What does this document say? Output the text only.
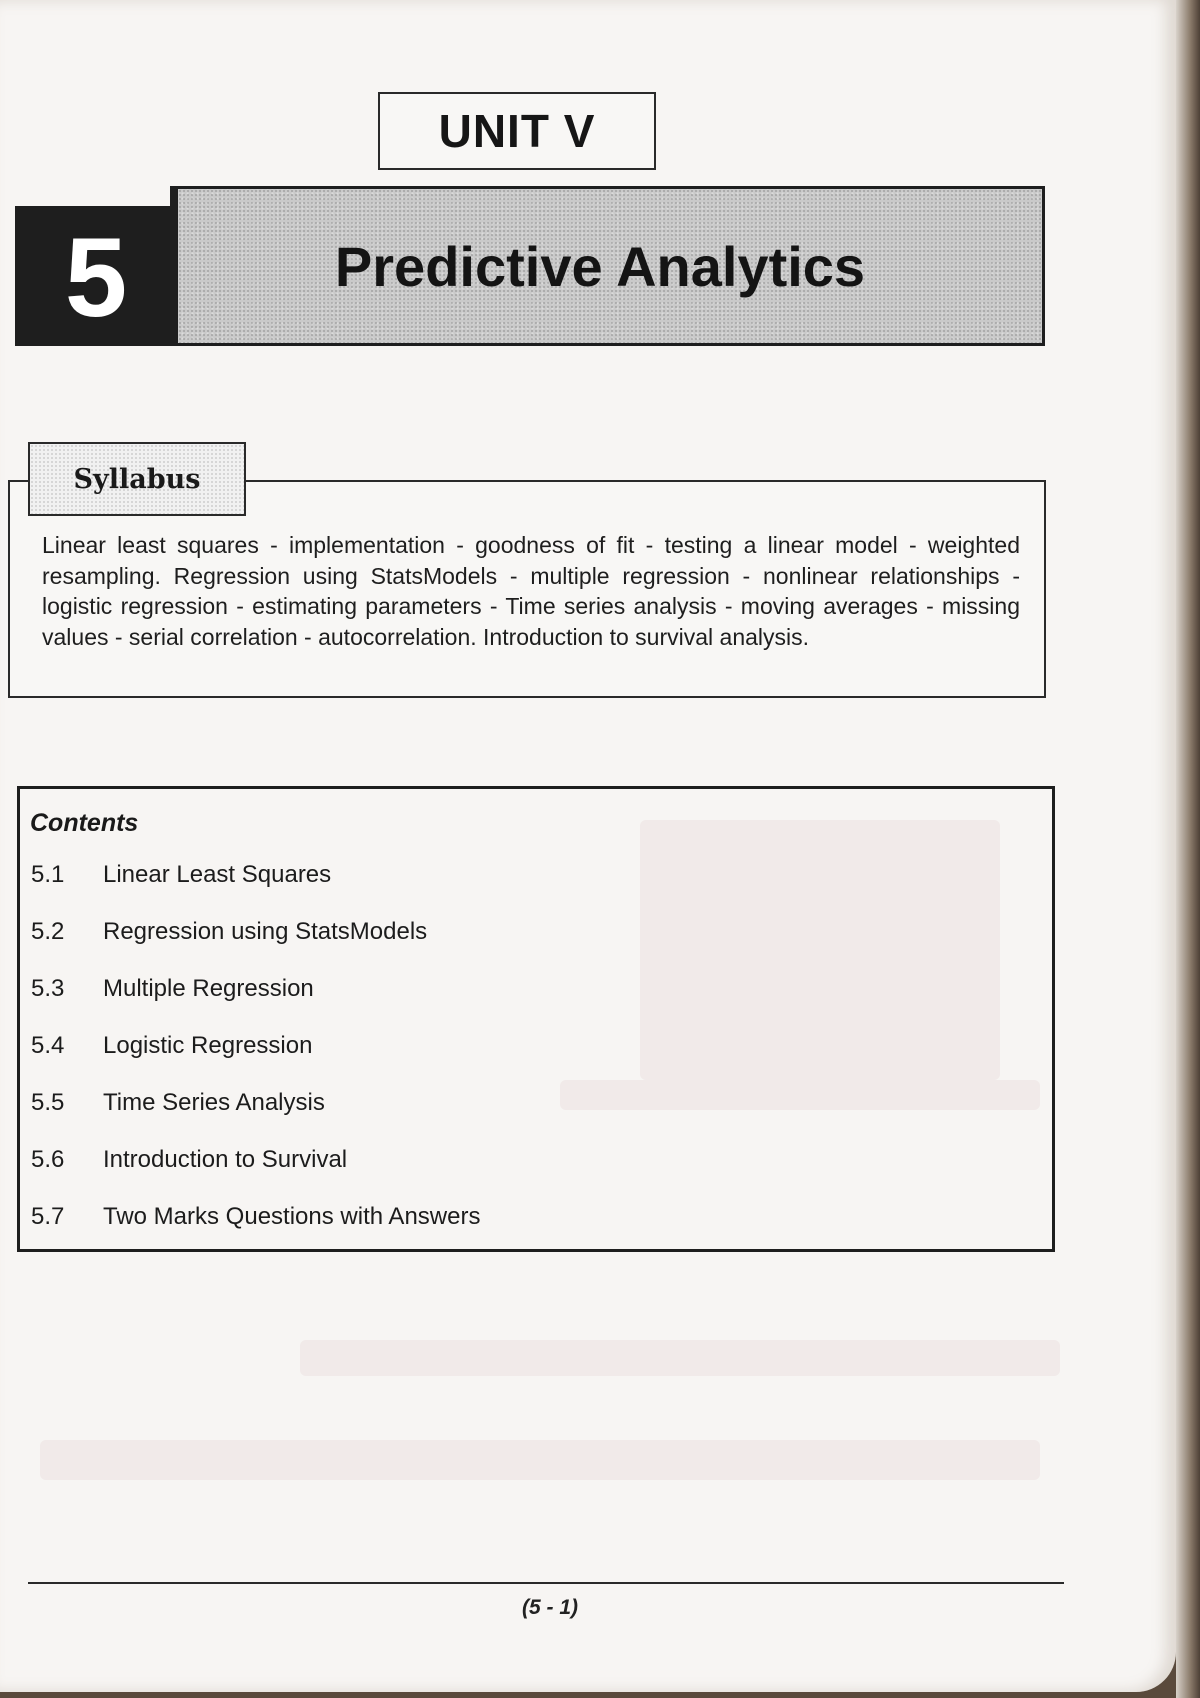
UNIT V
5	Predictive Analytics
Syllabus

Linear least squares - implementation - goodness of fit - testing a linear model - weighted resampling. Regression using StatsModels - multiple regression - nonlinear relationships - logistic regression - estimating parameters - Time series analysis - moving averages - missing values - serial correlation - autocorrelation. Introduction to survival analysis.

Contents
5.1	Linear Least Squares
5.2	Regression using StatsModels
5.3	Multiple Regression
5.4	Logistic Regression
5.5	Time Series Analysis
5.6	Introduction to Survival
5.7	Two Marks Questions with Answers
(5 - 1)
